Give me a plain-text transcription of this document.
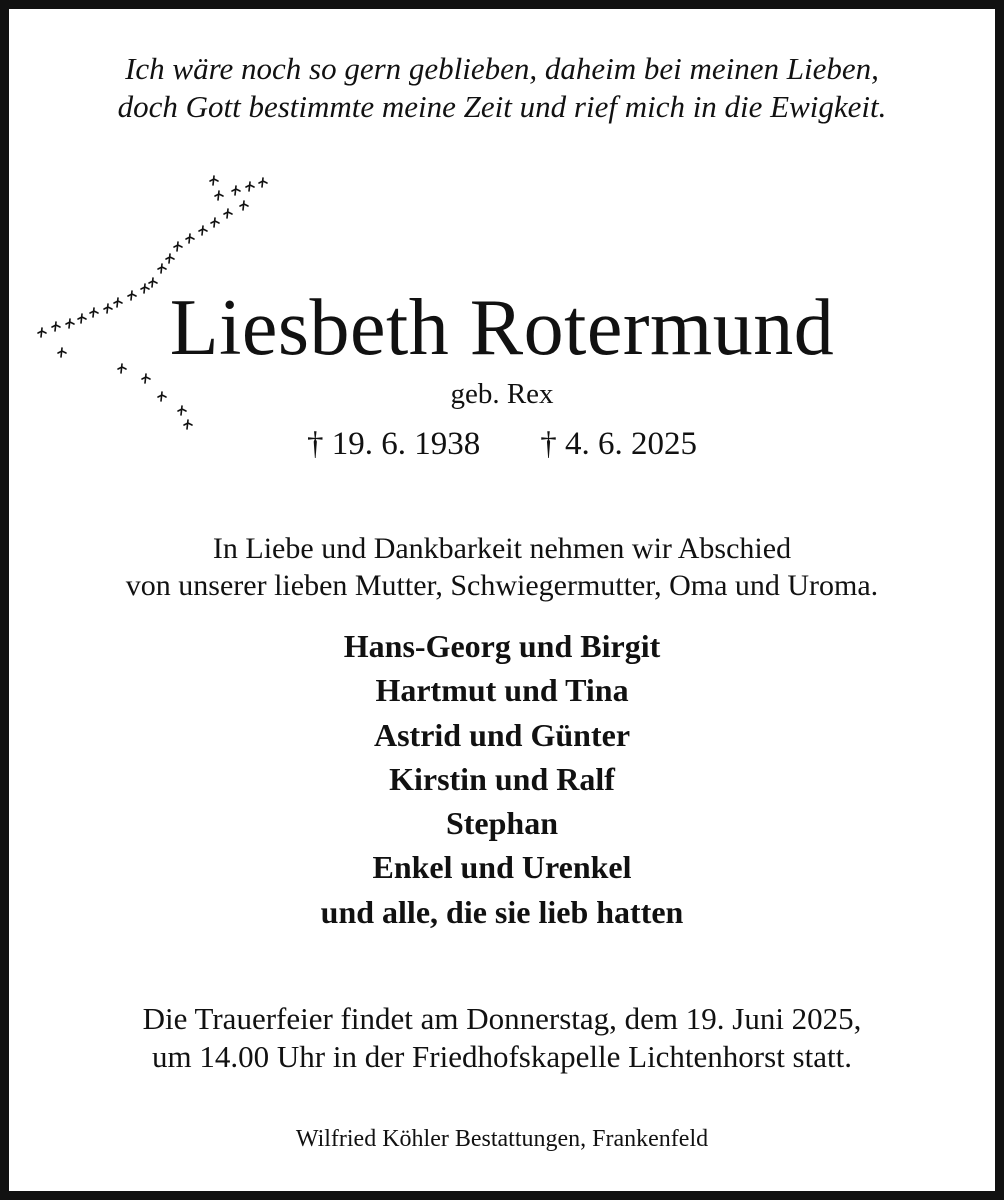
Ich wäre noch so gern geblieben, daheim bei meinen Lieben,
doch Gott bestimmte meine Zeit und rief mich in die Ewigkeit.
Liesbeth Rotermund
geb. Rex
† 19. 6. 1938 † 4. 6. 2025
In Liebe und Dankbarkeit nehmen wir Abschied
von unserer lieben Mutter, Schwiegermutter, Oma und Uroma.
Hans-Georg und Birgit
Hartmut und Tina
Astrid und Günter
Kirstin und Ralf
Stephan
Enkel und Urenkel
und alle, die sie lieb hatten
Die Trauerfeier findet am Donnerstag, dem 19. Juni 2025,
um 14.00 Uhr in der Friedhofskapelle Lichtenhorst statt.
Wilfried Köhler Bestattungen, Frankenfeld
